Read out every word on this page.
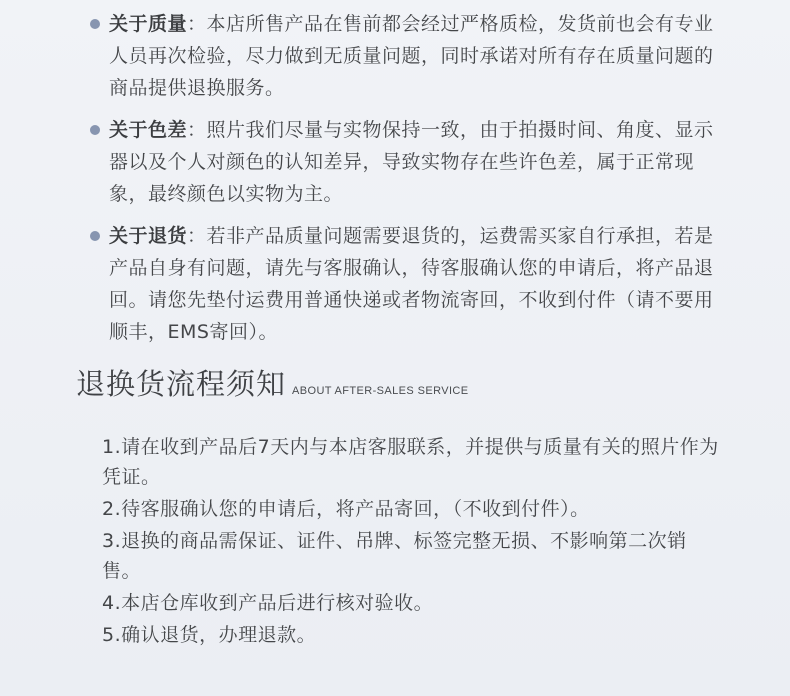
关于质量：本店所售产品在售前都会经过严格质检，发货前也会有专业人员再次检验，尽力做到无质量问题，同时承诺对所有存在质量问题的商品提供退换服务。
关于色差：照片我们尽量与实物保持一致，由于拍摄时间、角度、显示器以及个人对颜色的认知差异，导致实物存在些许色差，属于正常现象，最终颜色以实物为主。
关于退货：若非产品质量问题需要退货的，运费需买家自行承担，若是产品自身有问题，请先与客服确认，待客服确认您的申请后，将产品退回。请您先垫付运费用普通快递或者物流寄回，不收到付件（请不要用顺丰，EMS寄回）。
退换货流程须知 ABOUT AFTER-SALES SERVICE
1.请在收到产品后7天内与本店客服联系，并提供与质量有关的照片作为凭证。
2.待客服确认您的申请后，将产品寄回，（不收到付件）。
3.退换的商品需保证、证件、吊牌、标签完整无损、不影响第二次销售。
4.本店仓库收到产品后进行核对验收。
5.确认退货，办理退款。
